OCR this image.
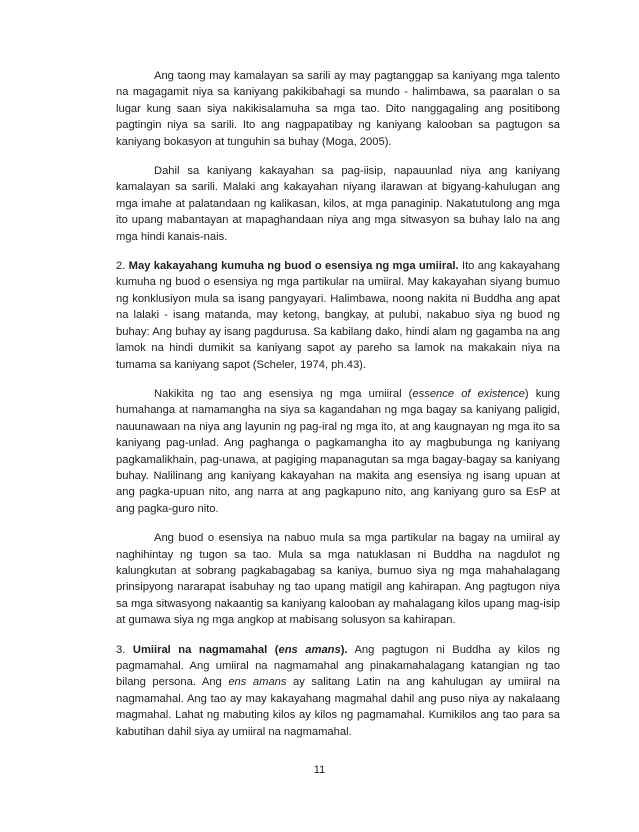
Ang taong may kamalayan sa sarili ay may pagtanggap sa kaniyang mga talento na magagamit niya sa kaniyang pakikibahagi sa mundo - halimbawa, sa paaralan o sa lugar kung saan siya nakikisalamuha sa mga tao. Dito nanggagaling ang positibong pagtingin niya sa sarili. Ito ang nagpapatibay ng kaniyang kalooban sa pagtugon sa kaniyang bokasyon at tunguhin sa buhay (Moga, 2005).

Dahil sa kaniyang kakayahan sa pag-iisip, napauunlad niya ang kaniyang kamalayan sa sarili. Malaki ang kakayahan niyang ilarawan at bigyang-kahulugan ang mga imahe at palatandaan ng kalikasan, kilos, at mga panaginip. Nakatutulong ang mga ito upang mabantayan at mapaghandaan niya ang mga sitwasyon sa buhay lalo na ang mga hindi kanais-nais.

2. May kakayahang kumuha ng buod o esensiya ng mga umiiral. Ito ang kakayahang kumuha ng buod o esensiya ng mga partikular na umiiral. May kakayahan siyang bumuo ng konklusiyon mula sa isang pangyayari. Halimbawa, noong nakita ni Buddha ang apat na lalaki - isang matanda, may ketong, bangkay, at pulubi, nakabuo siya ng buod ng buhay: Ang buhay ay isang pagdurusa. Sa kabilang dako, hindi alam ng gagamba na ang lamok na hindi dumikit sa kaniyang sapot ay pareho sa lamok na makakain niya na tumama sa kaniyang sapot (Scheler, 1974, ph.43).

Nakikita ng tao ang esensiya ng mga umiiral (essence of existence) kung humahanga at namamangha na siya sa kagandahan ng mga bagay sa kaniyang paligid, nauunawaan na niya ang layunin ng pag-iral ng mga ito, at ang kaugnayan ng mga ito sa kaniyang pag-unlad. Ang paghanga o pagkamangha ito ay magbubunga ng kaniyang pagkamalikhain, pag-unawa, at pagiging mapanagutan sa mga bagay-bagay sa kaniyang buhay. Nalilinang ang kaniyang kakayahan na makita ang esensiya ng isang upuan at ang pagka-upuan nito, ang narra at ang pagkapuno nito, ang kaniyang guro sa EsP at ang pagka-guro nito.

Ang buod o esensiya na nabuo mula sa mga partikular na bagay na umiiral ay naghihintay ng tugon sa tao. Mula sa mga natuklasan ni Buddha na nagdulot ng kalungkutan at sobrang pagkabagabag sa kaniya, bumuo siya ng mga mahahalagang prinsipyong nararapat isabuhay ng tao upang matigil ang kahirapan. Ang pagtugon niya sa mga sitwasyong nakaantig sa kaniyang kalooban ay mahalagang kilos upang mag-isip at gumawa siya ng mga angkop at mabisang solusyon sa kahirapan.

3. Umiiral na nagmamahal (ens amans). Ang pagtugon ni Buddha ay kilos ng pagmamahal. Ang umiiral na nagmamahal ang pinakamahalagang katangian ng tao bilang persona. Ang ens amans ay salitang Latin na ang kahulugan ay umiiral na nagmamahal. Ang tao ay may kakayahang magmahal dahil ang puso niya ay nakalaang magmahal. Lahat ng mabuting kilos ay kilos ng pagmamahal. Kumikilos ang tao para sa kabutihan dahil siya ay umiiral na nagmamahal.

11
